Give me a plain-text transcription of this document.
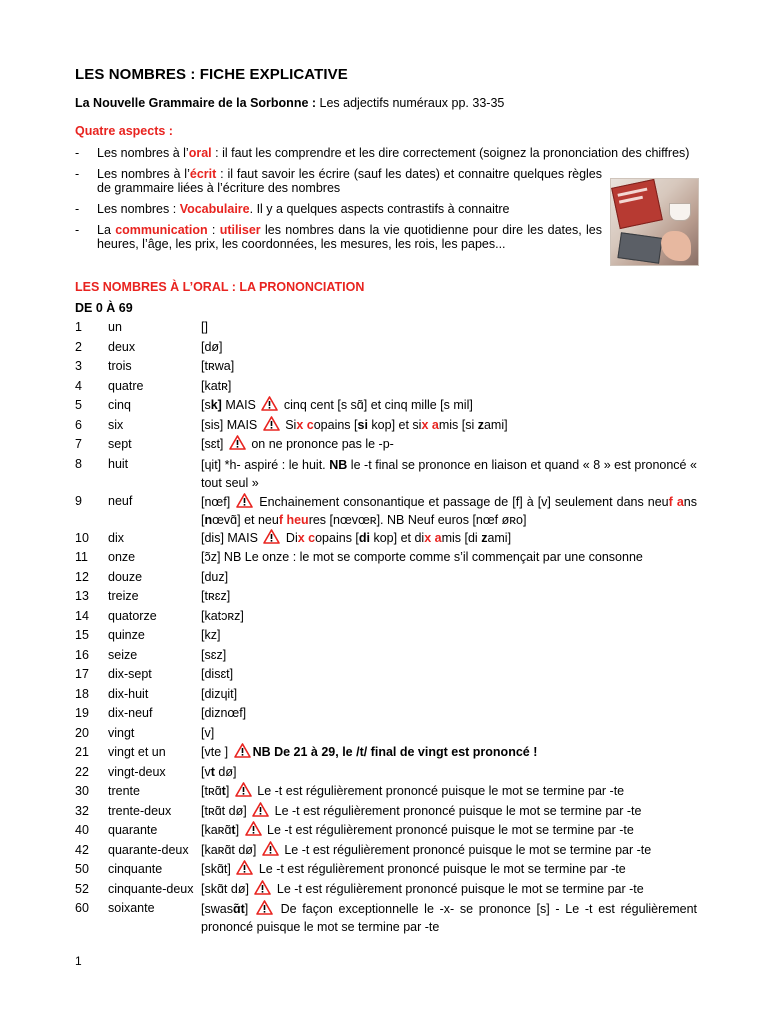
LES NOMBRES : FICHE EXPLICATIVE
La Nouvelle Grammaire de la Sorbonne : Les adjectifs numéraux pp. 33-35
Quatre aspects :
- Les nombres à l’oral : il faut les comprendre et les dire correctement (soignez la prononciation des chiffres)
- Les nombres à l’écrit : il faut savoir les écrire (sauf les dates) et connaitre quelques règles de grammaire liées à l’écriture des nombres
- Les nombres : Vocabulaire. Il y a quelques aspects contrastifs à connaitre
- La communication : utiliser les nombres dans la vie quotidienne pour dire les dates, les heures, l’âge, les prix, les coordonnées, les mesures, les rois, les papes...
LES NOMBRES À L’ORAL : LA PRONONCIATION
DE 0 À 69
1	un	[]
2	deux	[dø]
3	trois	[tʀwa]
4	quatre	[katʀ]
5	cinq	[sk] MAIS  cinq cent [s sɑ̃] et cinq mille [s mil]
6	six	[sis] MAIS  Six copains [si kop] et six amis [si zami]
7	sept	[sɛt]  on ne prononce pas le -p-
8	huit	[ɥit] *h- aspiré : le huit. NB le -t final se prononce en liaison et quand « 8 » est prononcé « tout seul »
9	neuf	[nœf]  Enchainement consonantique et passage de [f] à [v] seulement dans neuf ans [nœvɑ̃] et neuf heures [nœvœʀ]. NB Neuf euros [nœf øʀo]
10	dix	[dis] MAIS  Dix copains [di kop] et dix amis [di zami]
11	onze	[ɔ̃z] NB Le onze : le mot se comporte comme s’il commençait par une consonne
12	douze	[duz]
13	treize	[tʀɛz]
14	quatorze	[katɔʀz]
15	quinze	[kz]
16	seize	[sɛz]
17	dix-sept	[disɛt]
18	dix-huit	[dizɥit]
19	dix-neuf	[diznœf]
20	vingt	[v]
21	vingt et un	[vte ] NB De 21 à 29, le /t/ final de vingt est prononcé !
22	vingt-deux	[vt dø]
30	trente	[tʀɑ̃t]  Le -t est régulièrement prononcé puisque le mot se termine par -te
32	trente-deux	[tʀɑ̃t dø]  Le -t est régulièrement prononcé puisque le mot se termine par -te
40	quarante	[kaʀɑ̃t]  Le -t est régulièrement prononcé puisque le mot se termine par -te
42	quarante-deux [kaʀɑ̃t dø]  Le -t est régulièrement prononcé puisque le mot se termine par -te
50	cinquante	[skɑ̃t]  Le -t est régulièrement prononcé puisque le mot se termine par -te
52	cinquante-deux [skɑ̃t dø]  Le -t est régulièrement prononcé puisque le mot se termine par -te
60	soixante	[swasɑ̃t]  De façon exceptionnelle le -x- se prononce [s] - Le -t est régulièrement prononcé puisque le mot se termine par -te
1
